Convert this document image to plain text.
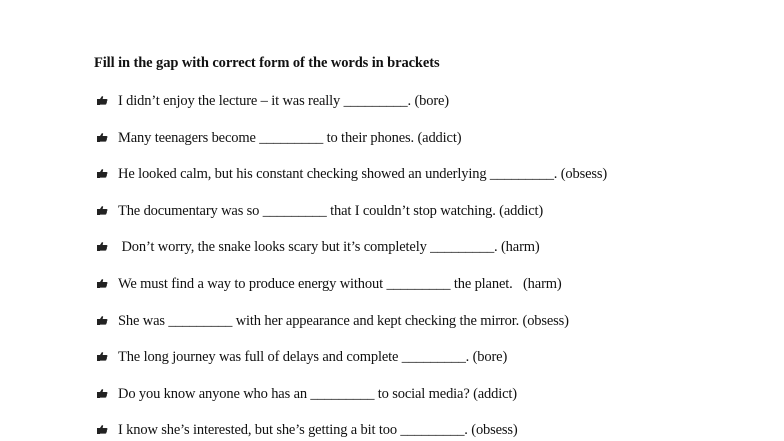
Fill in the gap with correct form of the words in brackets
I didn’t enjoy the lecture – it was really _________. (bore)
Many teenagers become _________ to their phones. (addict)
He looked calm, but his constant checking showed an underlying _________. (obsess)
The documentary was so _________ that I couldn’t stop watching. (addict)
Don’t worry, the snake looks scary but it’s completely _________. (harm)
We must find a way to produce energy without _________ the planet.   (harm)
She was _________ with her appearance and kept checking the mirror. (obsess)
The long journey was full of delays and complete _________. (bore)
Do you know anyone who has an _________ to social media? (addict)
I know she’s interested, but she’s getting a bit too _________. (obsess)
